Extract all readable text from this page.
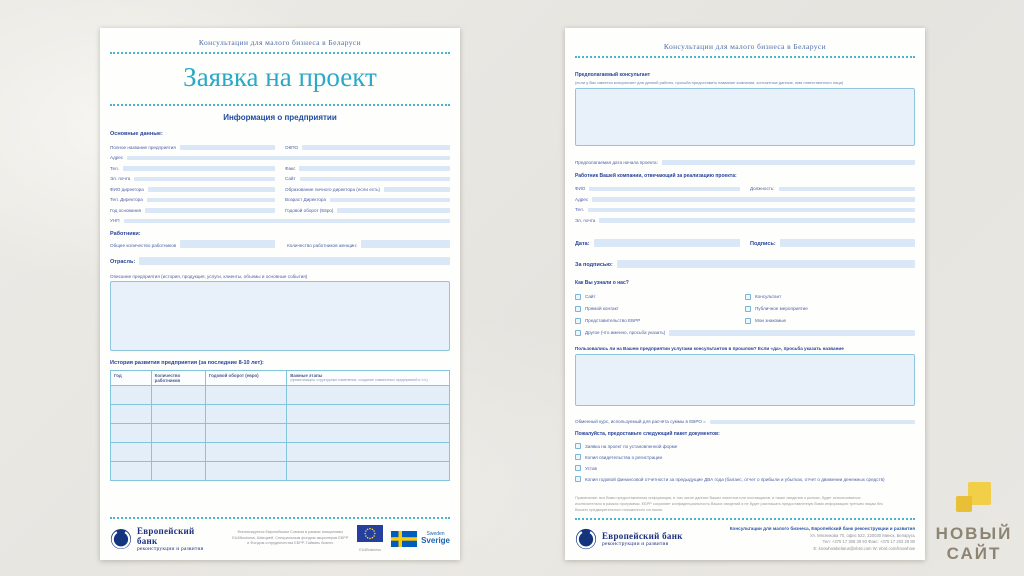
Консультации для малого бизнеса в Беларуси
Заявка на проект
Информация о предприятии
Основные данные:
Полное название предприятия	ОКПО
Адрес
Тел.	Факс
Эл. почта	Сайт
ФИО директора	Образование личного директора (если есть)
Тел. Директора	Возраст Директора
Год основания	Годовой оборот (Евро)
УНП
Работники:
Общее количество работников	Количество работников женщин:
Отрасль:
Описание предприятия (история, продукция, услуги, клиенты, объемы и основные события)
История развития предприятия (за последние 8-10 лет):
Год	Количество работников	Годовой оборот (евро)	Важные этапы
(приватизация, структурные изменения, создание совместных предприятий и т.п.)

Европейский банк
реконструкции и развития
Финансируется Европейским Союзом в рамках инициативы EU4Business, Швецией, Специальным фондом акционеров ЕБРР и Фондом сотрудничества ЕБРР-Тайвань бизнес
EU4Business
Sweden
Sverige
Консультации для малого бизнеса в Беларуси
Предполагаемый консультант
(если у Вас имеется консультант для данной работы, просьба предоставить название компании, контактные данные, имя ответственного лица)
Предполагаемая дата начала проекта:
Работник Вашей компании, отвечающий за реализацию проекта:
ФИО	Должность:
Адрес
Тел.
Эл. почта
Дата:	Подпись:
За подписью:
Как Вы узнали о нас?
Сайт	Консультант
Прямой контакт	Публичное мероприятие
Представительство ЕБРР	Мои знакомые
Другое (что именно, просьба указать)
Пользовались ли на Вашем предприятии услугами консультантов в прошлом? Если «да», просьба указать название
Обменный курс, используемый для расчёта суммы в ЕВРО =
Пожалуйста, предоставьте следующий пакет документов:
Заявка на проект по установленной форме
Копия свидетельства о регистрации
Устав
Копия годовой финансовой отчетности за предыдущие ДВА года (баланс, отчет о прибыли и убытках, отчет о движении денежных средств)
Примечание: вся Вами предоставленная информация, в том числе данные Ваших клиентов или поставщиков, а также сведения о рынках, будет использоваться исключительно в рамках программы. ЕБРР сохраняет конфиденциальность Ваших сведений и не будет разглашать предоставленную Вами информацию третьим лицам без Вашего предварительного письменного согласия.
Европейский банк
реконструкции и развития
Консультации для малого бизнеса, Европейский банк реконструкции и развития
Ул. Мясникова 70, офис 522, 220030 Минск, Беларусь
Тел: +375 17 308 39 93 Факс: +375 17 203 25 80
E: knowhowbelarus@ebrd.com W: ebrd.com/knowhow
НОВЫЙ
САЙТ
